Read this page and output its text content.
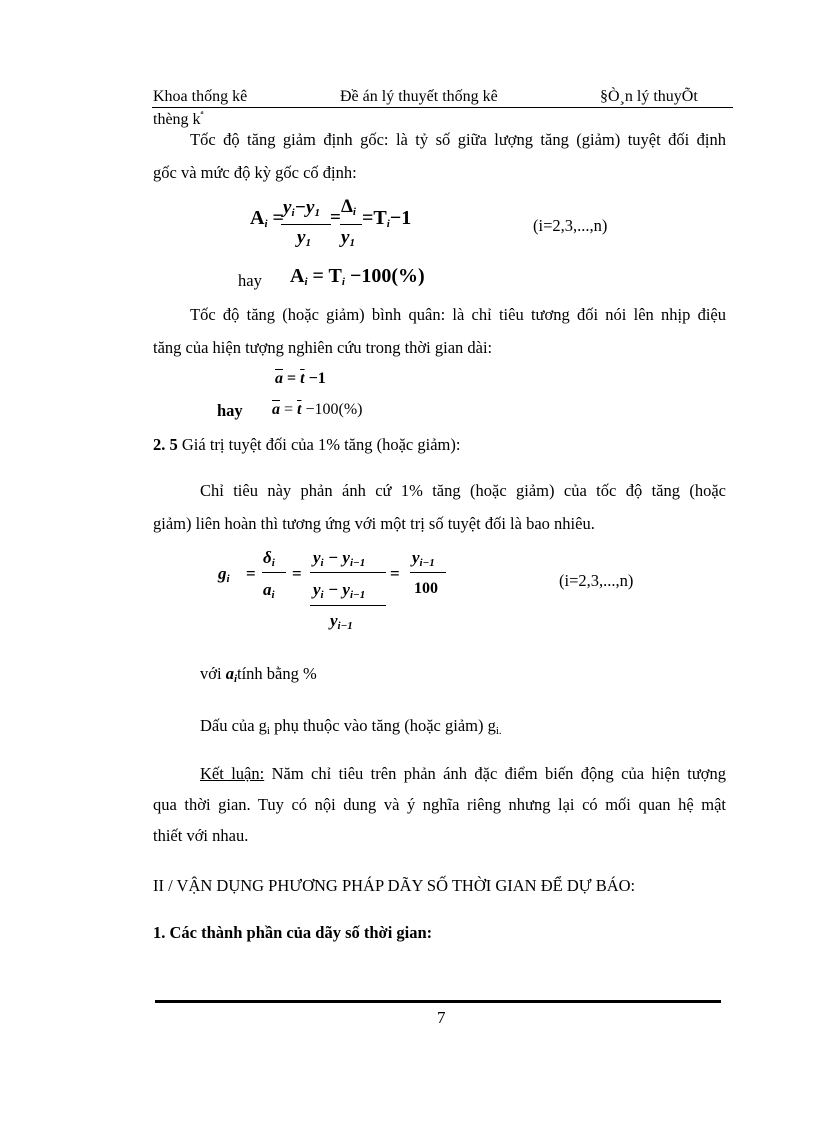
Khoa thống kê	Đề án lý thuyết thống kê	§Ò¸n lý thuyÕt
thèng $k^ª$
Tốc độ tăng giảm định gốc: là tỷ số giữa lượng tăng (giảm) tuyệt đối định
gốc và mức độ kỳ gốc cố định:
$A_i = y_i-y_1$
$y_1$
=
$\Delta_i$
$y_1$
$=T_i-1$	(i=2,3,...,n)
hay $A_i = T_i -100(\%)$
Tốc độ tăng (hoặc giảm) bình quân: là chỉ tiêu tương đối nói lên nhịp điệu
tăng của hiện tượng nghiên cứu trong thời gian dài:
$\overline{a} = \overline{t} -1$
hay $\overline{a} = \overline{t} -100(\%)$
2. 5 Giá trị tuyệt đối của 1% tăng (hoặc giảm):
Chỉ tiêu này phản ánh cứ 1% tăng (hoặc giảm) của tốc độ tăng (hoặc
giảm) liên hoàn thì tương ứng với một trị số tuyệt đối là bao nhiêu.
$g_i$ =
$\delta_i$
$a_i$
=
$y_i - y_{i-1}$
$y_i - y_{i-1}$
$y_{i-1}$
=
$y_{i-1}$
100	(i=2,3,...,n)
với $a_itính$ bằng %
Dấu của $g_i$ phụ thuộc vào tăng (hoặc giảm) $g_{i.}$
Kết luận: Năm chỉ tiêu trên phản ánh đặc điểm biến động của hiện tượng
qua thời gian. Tuy có nội dung và ý nghĩa riêng nhưng lại có mối quan hệ mật
thiết với nhau.
II / VẬN DỤNG PHƯƠNG PHÁP DÃY SỐ THỜI GIAN ĐỂ DỰ BÁO:
1. Các thành phần của dãy số thời gian:
7
